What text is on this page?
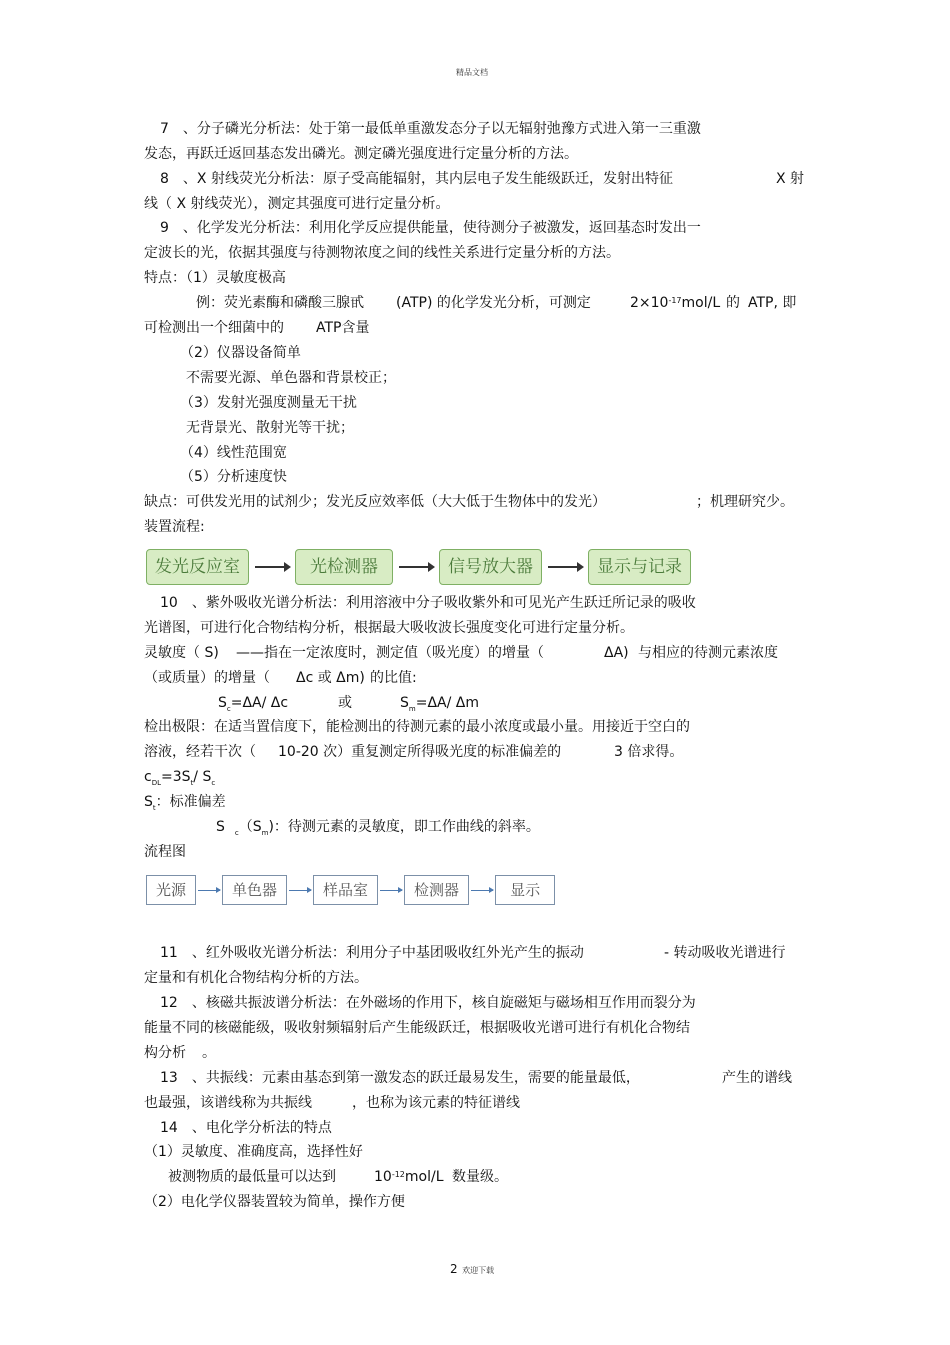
精品文档
7　、分子磷光分析法：处于第一最低单重激发态分子以无辐射弛豫方式进入第一三重激
发态，再跃迁返回基态发出磷光。测定磷光强度进行定量分析的方法。
8　、X 射线荧光分析法：原子受高能辐射，其内层电子发生能级跃迁，发射出特征	X 射
线（ X 射线荧光），测定其强度可进行定量分析。
9　、化学发光分析法：利用化学反应提供能量，使待测分子被激发，返回基态时发出一
定波长的光，依据其强度与待测物浓度之间的线性关系进行定量分析的方法。
特点：（1）灵敏度极高
例：荧光素酶和磷酸三腺甙 (ATP) 的化学发光分析，可测定	$2\times 10^{-17}mol/L$ 的 ATP, 即
可检测出一个细菌中的 ATP含量
（2）仪器设备简单
不需要光源、单色器和背景校正；
（3）发射光强度测量无干扰
无背景光、散射光等干扰；
（4）线性范围宽
（5）分析速度快
缺点：可供发光用的试剂少；发光反应效率低（大大低于生物体中的发光）	；机理研究少。
装置流程:
发光反应室	光检测器	信号放大器	显示与记录
10　、紫外吸收光谱分析法：利用溶液中分子吸收紫外和可见光产生跃迁所记录的吸收
光谱图，可进行化合物结构分析，根据最大吸收波长强度变化可进行定量分析。
灵敏度（ S) ——指在一定浓度时，测定值（吸光度）的增量（	ΔA) 与相应的待测元素浓度
（或质量）的增量（ Δc 或 Δm) 的比值:
$S_c=\Delta A/$ Δc	或	$S_m=\Delta A/$ Δm
检出极限：在适当置信度下，能检测出的待测元素的最小浓度或最小量。用接近于空白的
溶液，经若干次（ 10-20 次）重复测定所得吸光度的标准偏差的	3 倍求得。
$c_{DL}=3S_t/$ $S_c$
$S_t$：标准偏差
S $_c(S_m)$：待测元素的灵敏度，即工作曲线的斜率。
流程图
光源	单色器	样品室	检测器	显示
11　、红外吸收光谱分析法：利用分子中基团吸收红外光产生的振动	- 转动吸收光谱进行
定量和有机化合物结构分析的方法。
12　、核磁共振波谱分析法：在外磁场的作用下，核自旋磁矩与磁场相互作用而裂分为
能量不同的核磁能级，吸收射频辐射后产生能级跃迁，根据吸收光谱可进行有机化合物结
构分析 。
13　、共振线：元素由基态到第一激发态的跃迁最易发生，需要的能量最低，	产生的谱线
也最强，该谱线称为共振线	，也称为该元素的特征谱线
14　、电化学分析法的特点
（1）灵敏度、准确度高，选择性好
被测物质的最低量可以达到	$10^{-12}mol/L$ 数量级。
（2）电化学仪器装置较为简单，操作方便
2 欢迎下载
